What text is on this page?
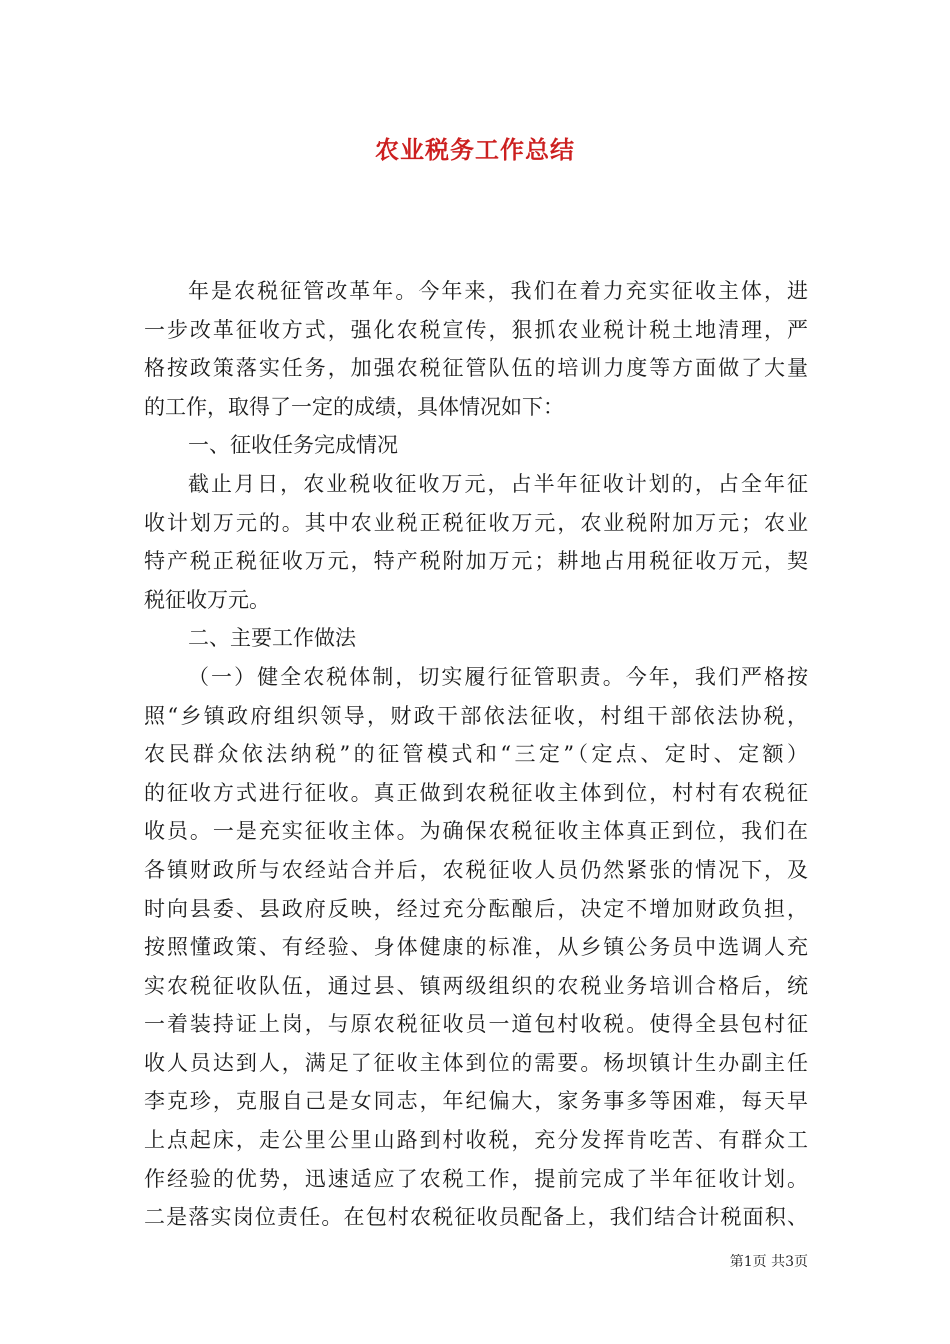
农业税务工作总结
年是农税征管改革年。今年来，我们在着力充实征收主体，进
一步改革征收方式，强化农税宣传，狠抓农业税计税土地清理，严
格按政策落实任务，加强农税征管队伍的培训力度等方面做了大量
的工作，取得了一定的成绩，具体情况如下：
一、征收任务完成情况
截止月日，农业税收征收万元，占半年征收计划的，占全年征
收计划万元的。其中农业税正税征收万元，农业税附加万元；农业
特产税正税征收万元，特产税附加万元；耕地占用税征收万元，契
税征收万元。
二、主要工作做法
（一）健全农税体制，切实履行征管职责。今年，我们严格按
照“乡镇政府组织领导，财政干部依法征收，村组干部依法协税，
农民群众依法纳税”的征管模式和“三定”（定点、定时、定额）
的征收方式进行征收。真正做到农税征收主体到位，村村有农税征
收员。一是充实征收主体。为确保农税征收主体真正到位，我们在
各镇财政所与农经站合并后，农税征收人员仍然紧张的情况下，及
时向县委、县政府反映，经过充分酝酿后，决定不增加财政负担，
按照懂政策、有经验、身体健康的标准，从乡镇公务员中选调人充
实农税征收队伍，通过县、镇两级组织的农税业务培训合格后，统
一着装持证上岗，与原农税征收员一道包村收税。使得全县包村征
收人员达到人，满足了征收主体到位的需要。杨坝镇计生办副主任
李克珍，克服自己是女同志，年纪偏大，家务事多等困难，每天早
上点起床，走公里公里山路到村收税，充分发挥肯吃苦、有群众工
作经验的优势，迅速适应了农税工作，提前完成了半年征收计划。
二是落实岗位责任。在包村农税征收员配备上，我们结合计税面积、
第1页 共3页
